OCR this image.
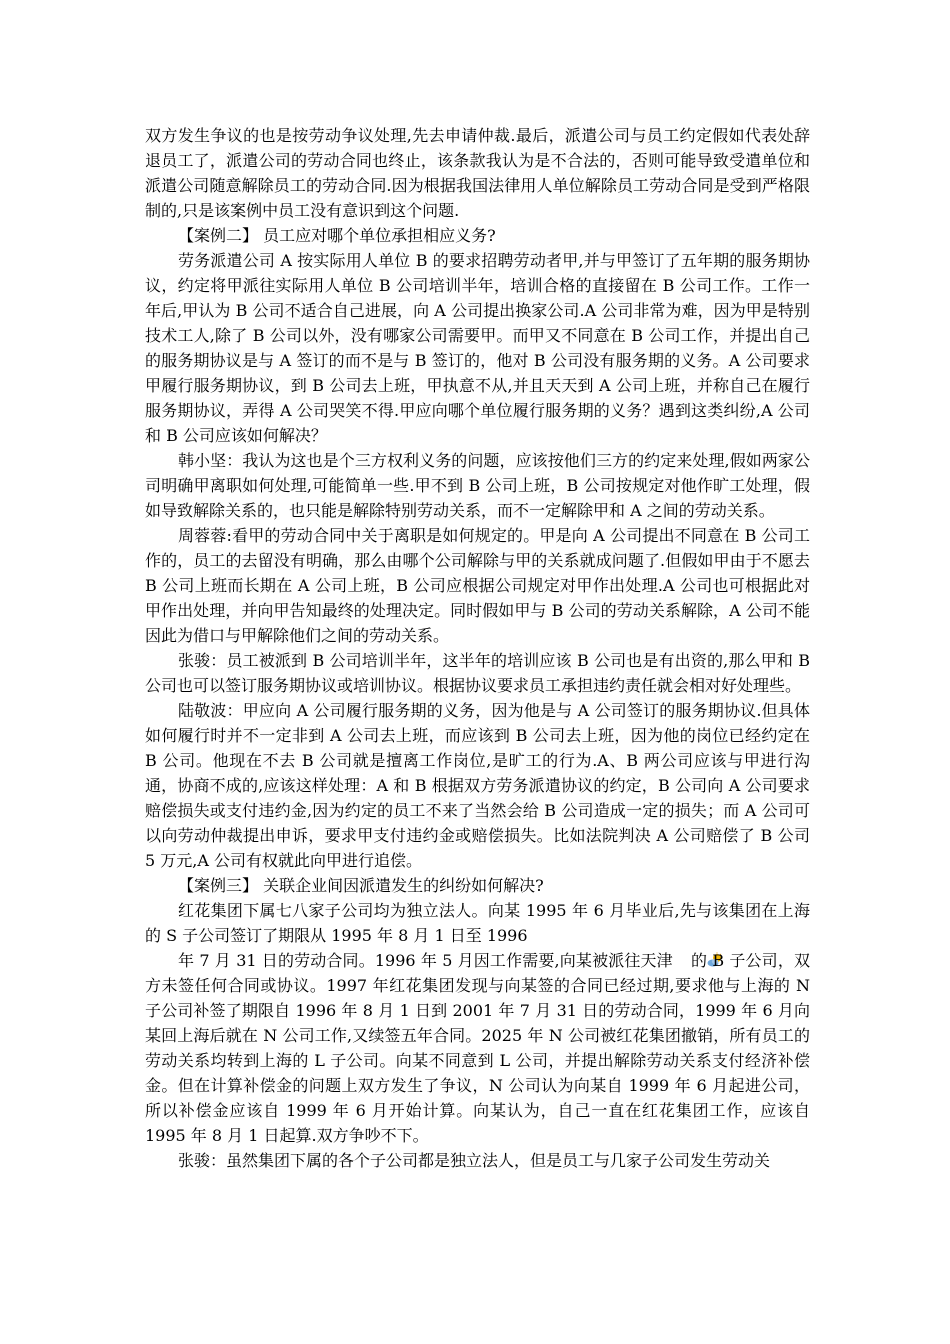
双方发生争议的也是按劳动争议处理,先去申请仲裁.最后，派遣公司与员工约定假如代表处辞退员工了，派遣公司的劳动合同也终止，该条款我认为是不合法的，否则可能导致受遣单位和派遣公司随意解除员工的劳动合同.因为根据我国法律用人单位解除员工劳动合同是受到严格限制的,只是该案例中员工没有意识到这个问题.

【案例二】 员工应对哪个单位承担相应义务?

劳务派遣公司 A 按实际用人单位 B 的要求招聘劳动者甲,并与甲签订了五年期的服务期协议，约定将甲派往实际用人单位 B 公司培训半年，培训合格的直接留在 B 公司工作。工作一年后,甲认为 B 公司不适合自己进展，向 A 公司提出换家公司.A 公司非常为难，因为甲是特别技术工人,除了 B 公司以外，没有哪家公司需要甲。而甲又不同意在 B 公司工作，并提出自己的服务期协议是与 A 签订的而不是与 B 签订的，他对 B 公司没有服务期的义务。A 公司要求甲履行服务期协议，到 B 公司去上班，甲执意不从,并且天天到 A 公司上班，并称自己在履行服务期协议，弄得 A 公司哭笑不得.甲应向哪个单位履行服务期的义务？遇到这类纠纷,A 公司和 B 公司应该如何解决？

韩小坚：我认为这也是个三方权利义务的问题，应该按他们三方的约定来处理,假如两家公司明确甲离职如何处理,可能简单一些.甲不到 B 公司上班，B 公司按规定对他作旷工处理，假如导致解除关系的，也只能是解除特别劳动关系，而不一定解除甲和 A 之间的劳动关系。

周蓉蓉:看甲的劳动合同中关于离职是如何规定的。甲是向 A 公司提出不同意在 B 公司工作的，员工的去留没有明确，那么由哪个公司解除与甲的关系就成问题了.但假如甲由于不愿去 B 公司上班而长期在 A 公司上班，B 公司应根据公司规定对甲作出处理.A 公司也可根据此对甲作出处理，并向甲告知最终的处理决定。同时假如甲与 B 公司的劳动关系解除，A 公司不能因此为借口与甲解除他们之间的劳动关系。

张骏：员工被派到 B 公司培训半年，这半年的培训应该 B 公司也是有出资的,那么甲和 B 公司也可以签订服务期协议或培训协议。根据协议要求员工承担违约责任就会相对好处理些。

陆敬波：甲应向 A 公司履行服务期的义务，因为他是与 A 公司签订的服务期协议.但具体如何履行时并不一定非到 A 公司去上班，而应该到 B 公司去上班，因为他的岗位已经约定在 B 公司。他现在不去 B 公司就是擅离工作岗位,是旷工的行为.A、B 两公司应该与甲进行沟通，协商不成的,应该这样处理：A 和 B 根据双方劳务派遣协议的约定，B 公司向 A 公司要求赔偿损失或支付违约金,因为约定的员工不来了当然会给 B 公司造成一定的损失；而 A 公司可以向劳动仲裁提出申诉，要求甲支付违约金或赔偿损失。比如法院判决 A 公司赔偿了 B 公司 5 万元,A 公司有权就此向甲进行追偿。

【案例三】 关联企业间因派遣发生的纠纷如何解决?

红花集团下属七八家子公司均为独立法人。向某 1995 年 6 月毕业后,先与该集团在上海的 S 子公司签订了期限从 1995 年 8 月 1 日至 1996

年 7 月 31 日的劳动合同。1996 年 5 月因工作需要,向某被派往天津 的 B 子公司，双方未签任何合同或协议。1997 年红花集团发现与向某签的合同已经过期,要求他与上海的 N 子公司补签了期限自 1996 年 8 月 1 日到 2001 年 7 月 31 日的劳动合同，1999 年 6 月向某回上海后就在 N 公司工作,又续签五年合同。2025 年 N 公司被红花集团撤销，所有员工的劳动关系均转到上海的 L 子公司。向某不同意到 L 公司，并提出解除劳动关系支付经济补偿金。但在计算补偿金的问题上双方发生了争议，N 公司认为向某自 1999 年 6 月起进公司，所以补偿金应该自 1999 年 6 月开始计算。向某认为，自己一直在红花集团工作，应该自 1995 年 8 月 1 日起算.双方争吵不下。

张骏：虽然集团下属的各个子公司都是独立法人，但是员工与几家子公司发生劳动关
